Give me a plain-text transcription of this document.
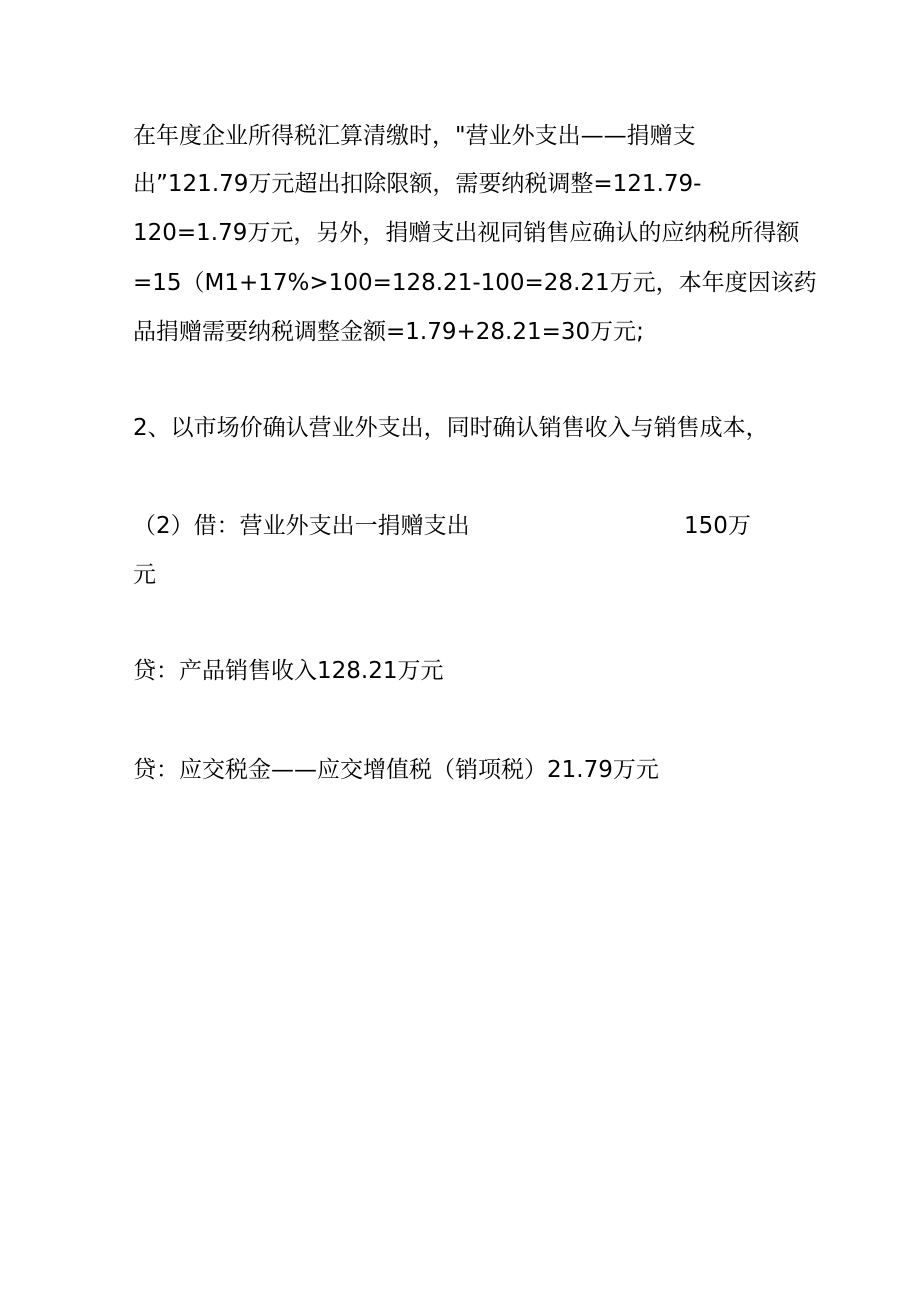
在年度企业所得税汇算清缴时，"营业外支出——捐赠支
出”121.79万元超出扣除限额，需要纳税调整=121.79-
120=1.79万元，另外，捐赠支出视同销售应确认的应纳税所得额
=15（M1+17%>100=128.21-100=28.21万元，本年度因该药
品捐赠需要纳税调整金额=1.79+28.21=30万元;
2、以市场价确认营业外支出，同时确认销售收入与销售成本，
（2）借：营业外支出一捐赠支出	150万
元
贷：产品销售收入128.21万元
贷：应交税金——应交增值税（销项税）21.79万元
